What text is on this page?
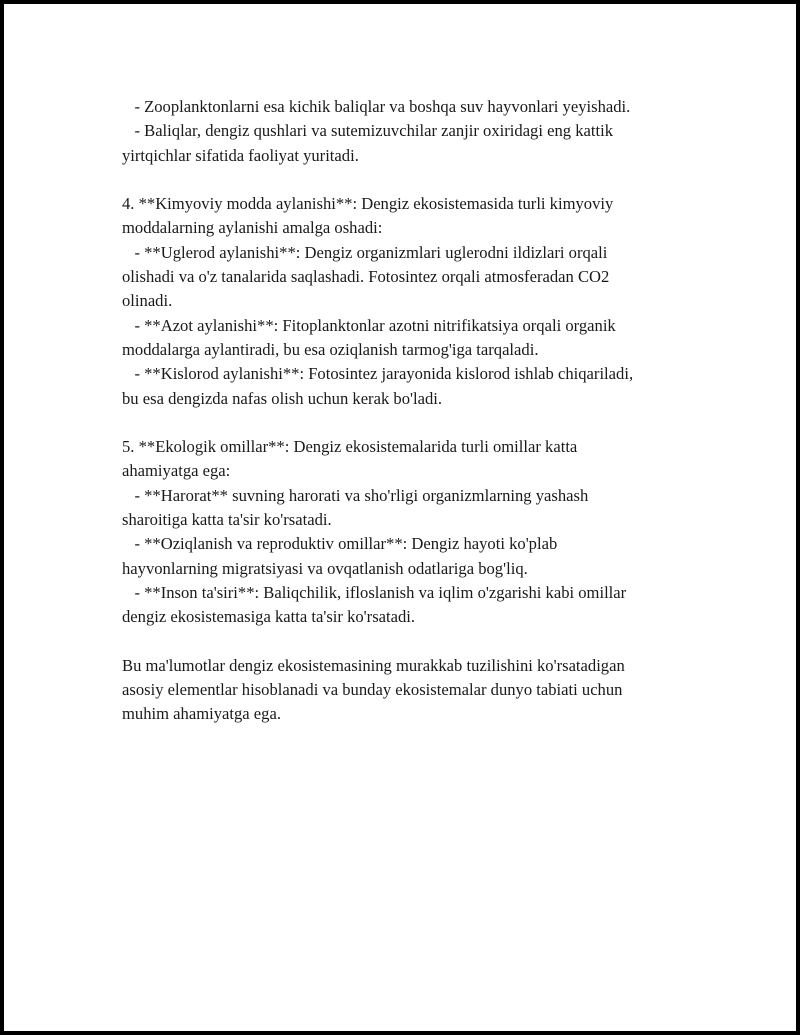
- Zooplanktonlarni esa kichik baliqlar va boshqa suv hayvonlari yeyishadi.
- Baliqlar, dengiz qushlari va sutemizuvchilar zanjir oxiridagi eng kattik
yirtqichlar sifatida faoliyat yuritadi.
4. **Kimyoviy modda aylanishi**: Dengiz ekosistemasida turli kimyoviy
moddalarning aylanishi amalga oshadi:
- **Uglerod aylanishi**: Dengiz organizmlari uglerodni ildizlari orqali
olishadi va o'z tanalarida saqlashadi. Fotosintez orqali atmosferadan CO2
olinadi.
- **Azot aylanishi**: Fitoplanktonlar azotni nitrifikatsiya orqali organik
moddalarga aylantiradi, bu esa oziqlanish tarmog'iga tarqaladi.
- **Kislorod aylanishi**: Fotosintez jarayonida kislorod ishlab chiqariladi,
bu esa dengizda nafas olish uchun kerak bo'ladi.
5. **Ekologik omillar**: Dengiz ekosistemalarida turli omillar katta
ahamiyatga ega:
- **Harorat** suvning harorati va sho'rligi organizmlarning yashash
sharoitiga katta ta'sir ko'rsatadi.
- **Oziqlanish va reproduktiv omillar**: Dengiz hayoti ko'plab
hayvonlarning migratsiyasi va ovqatlanish odatlariga bog'liq.
- **Inson ta'siri**: Baliqchilik, ifloslanish va iqlim o'zgarishi kabi omillar
dengiz ekosistemasiga katta ta'sir ko'rsatadi.
Bu ma'lumotlar dengiz ekosistemasining murakkab tuzilishini ko'rsatadigan
asosiy elementlar hisoblanadi va bunday ekosistemalar dunyo tabiati uchun
muhim ahamiyatga ega.
